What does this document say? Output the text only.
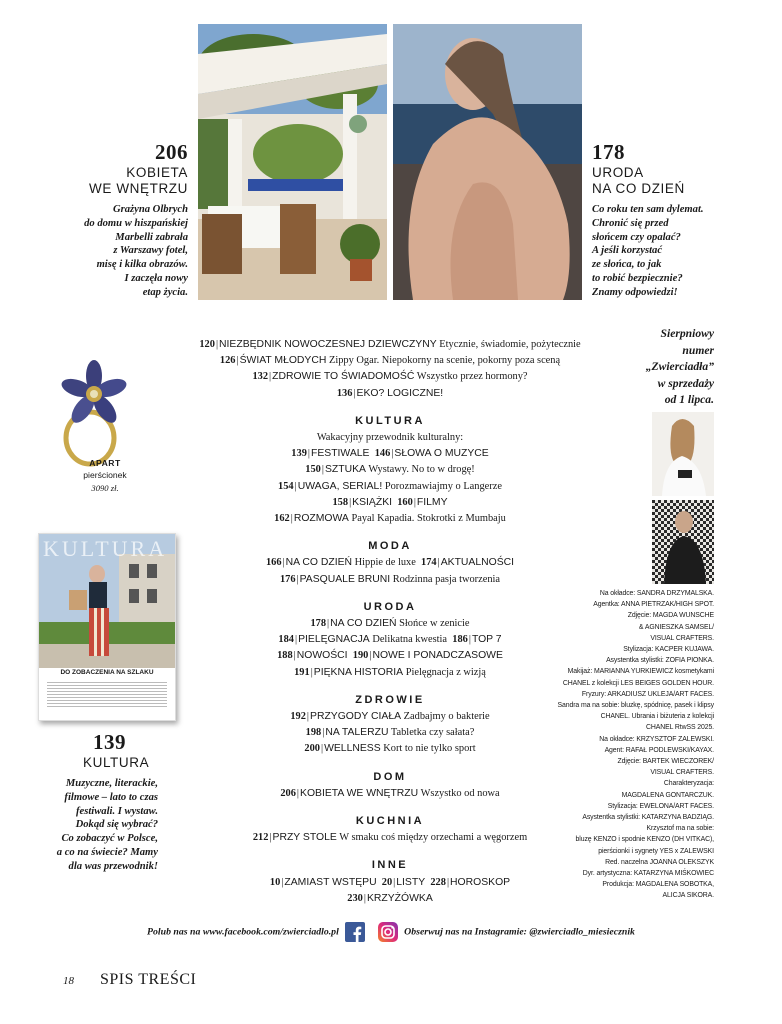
206
KOBIETA
WE WNĘTRZU
Grażyna Olbrych
do domu w hiszpańskiej
Marbelli zabrała
z Warszawy fotel,
misę i kilka obrazów.
I zaczęła nowy
etap życia.
178
URODA
NA CO DZIEŃ
Co roku ten sam dylemat.
Chronić się przed
słońcem czy opalać?
A jeśli korzystać
ze słońca, to jak
to robić bezpiecznie?
Znamy odpowiedzi!
APART
pierścionek
3090 zł.
KULTURA
DO ZOBACZENIA NA SZLAKU
139
KULTURA
Muzyczne, literackie,
filmowe – lato to czas
festiwali. I wystaw.
Dokąd się wybrać?
Co zobaczyć w Polsce,
a co na świecie? Mamy
dla was przewodnik!
Sierpniowy
numer
„Zwierciadła”
w sprzedaży
od 1 lipca.
120|NIEZBĘDNIK NOWOCZESNEJ DZIEWCZYNY Etycznie, świadomie, pożytecznie
126|ŚWIAT MŁODYCH Zippy Ogar. Niepokorny na scenie, pokorny poza sceną
132|ZDROWIE TO ŚWIADOMOŚĆ Wszystko przez hormony?
136|EKO? LOGICZNE!
KULTURA
Wakacyjny przewodnik kulturalny:
139|FESTIWALE 146|SŁOWA O MUZYCE
150|SZTUKA Wystawy. No to w drogę!
154|UWAGA, SERIAL! Porozmawiajmy o Langerze
158|KSIĄŻKI 160|FILMY
162|ROZMOWA Payal Kapadia. Stokrotki z Mumbaju
MODA
166|NA CO DZIEŃ Hippie de luxe 174|AKTUALNOŚCI
176|PASQUALE BRUNI Rodzinna pasja tworzenia
URODA
178|NA CO DZIEŃ Słońce w zenicie
184|PIELĘGNACJA Delikatna kwestia 186|TOP 7
188|NOWOŚCI 190|NOWE I PONADCZASOWE
191|PIĘKNA HISTORIA Pielęgnacja z wizją
ZDROWIE
192|PRZYGODY CIAŁA Zadbajmy o bakterie
198|NA TALERZU Tabletka czy sałata?
200|WELLNESS Kort to nie tylko sport
DOM
206|KOBIETA WE WNĘTRZU Wszystko od nowa
KUCHNIA
212|PRZY STOLE W smaku coś między orzechami a węgorzem
INNE
10|ZAMIAST WSTĘPU 20|LISTY 228|HOROSKOP
230|KRZYŻÓWKA
Na okładce: SANDRA DRZYMALSKA.
Agentka: ANNA PIETRZAK/HIGH SPOT.
Zdjęcie: MAGDA WUNSCHE
& AGNIESZKA SAMSEL/
VISUAL CRAFTERS.
Stylizacja: KACPER KUJAWA.
Asystentka stylistki: ZOFIA PIONKA.
Makijaż: MARIANNA YURKIEWICZ kosmetykami
CHANEL z kolekcji LES BEIGES GOLDEN HOUR.
Fryzury: ARKADIUSZ UKLEJA/ART FACES.
Sandra ma na sobie: bluzkę, spódnicę, pasek i klipsy
CHANEL. Ubrania i biżuteria z kolekcji
CHANEL RtwSS 2025.
Na okładce: KRZYSZTOF ZALEWSKI.
Agent: RAFAŁ PODLEWSKI/KAYAX.
Zdjęcie: BARTEK WIECZOREK/
VISUAL CRAFTERS.
Charakteryzacja:
MAGDALENA GONTARCZUK.
Stylizacja: EWELONA/ART FACES.
Asystentka stylistki: KATARZYNA BADZIĄG.
Krzysztof ma na sobie:
bluzę KENZO i spodnie KENZO (DH VITKAC),
pierścionki i sygnety YES x ZALEWSKI
Red. naczelna JOANNA OLEKSZYK
Dyr. artystyczna: KATARZYNA MIŚKOWIEC
Produkcja: MAGDALENA SOBOTKA,
ALICJA SIKORA.
Polub nas na www.facebook.com/zwierciadlo.pl	Obserwuj nas na Instagramie: @zwierciadlo_miesiecznik
18 SPIS TREŚCI
